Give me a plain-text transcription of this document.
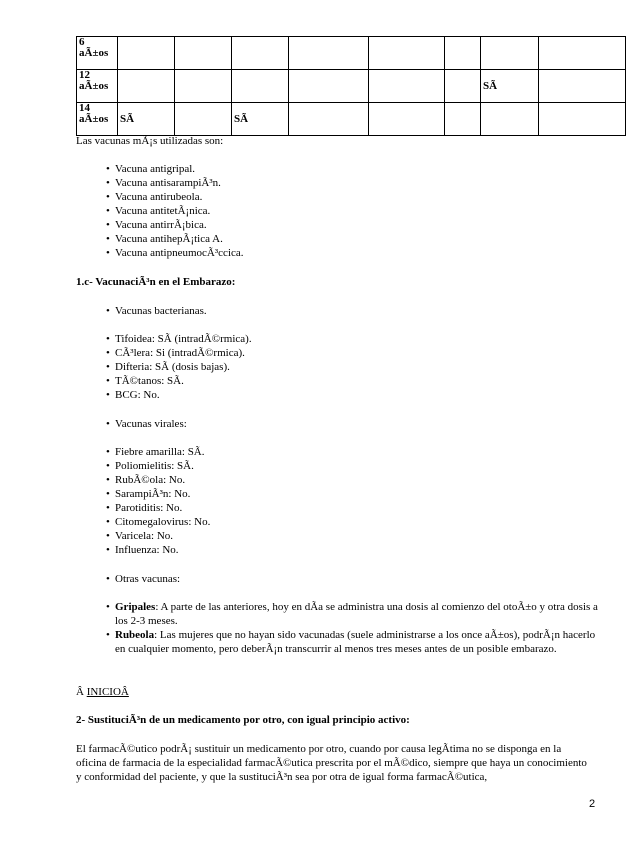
6 aÃ±os								
12 aÃ±os							SÃ	
14 aÃ±os	SÃ		SÃ					
Las vacunas mÃ¡s utilizadas son:
• Vacuna antigripal.
• Vacuna antisarampiÃ³n.
• Vacuna antirubeola.
• Vacuna antitetÃ¡nica.
• Vacuna antirrÃ¡bica.
• Vacuna antihepÃ¡tica A.
• Vacuna antipneumocÃ³ccica.
1.c- VacunaciÃ³n en el Embarazo:
• Vacunas bacterianas.
• Tifoidea: SÃ (intradÃ©rmica).
• CÃ³lera: Si (intradÃ©rmica).
• Difteria: SÃ (dosis bajas).
• TÃ©tanos: SÃ.
• BCG: No.
• Vacunas virales:
• Fiebre amarilla: SÃ.
• Poliomielitis: SÃ.
• RubÃ©ola: No.
• SarampiÃ³n: No.
• Parotiditis: No.
• Citomegalovirus: No.
• Varicela: No.
• Influenza: No.
• Otras vacunas:
• Gripales: A parte de las anteriores, hoy en dÃa se administra una dosis al comienzo del otoÃ±o y otra dosis a los 2-3 meses.
• Rubeola: Las mujeres que no hayan sido vacunadas (suele administrarse a los once aÃ±os), podrÃ¡n hacerlo en cualquier momento, pero deberÃ¡n transcurrir al menos tres meses antes de un posible embarazo.
Â INICIOÂ
2- SustituciÃ³n de un medicamento por otro, con igual principio activo:
El farmacÃ©utico podrÃ¡ sustituir un medicamento por otro, cuando por causa legÃtima no se disponga en la oficina de farmacia de la especialidad farmacÃ©utica prescrita por el mÃ©dico, siempre que haya un conocimiento y conformidad del paciente, y que la sustituciÃ³n sea por otra de igual forma farmacÃ©utica,
2
